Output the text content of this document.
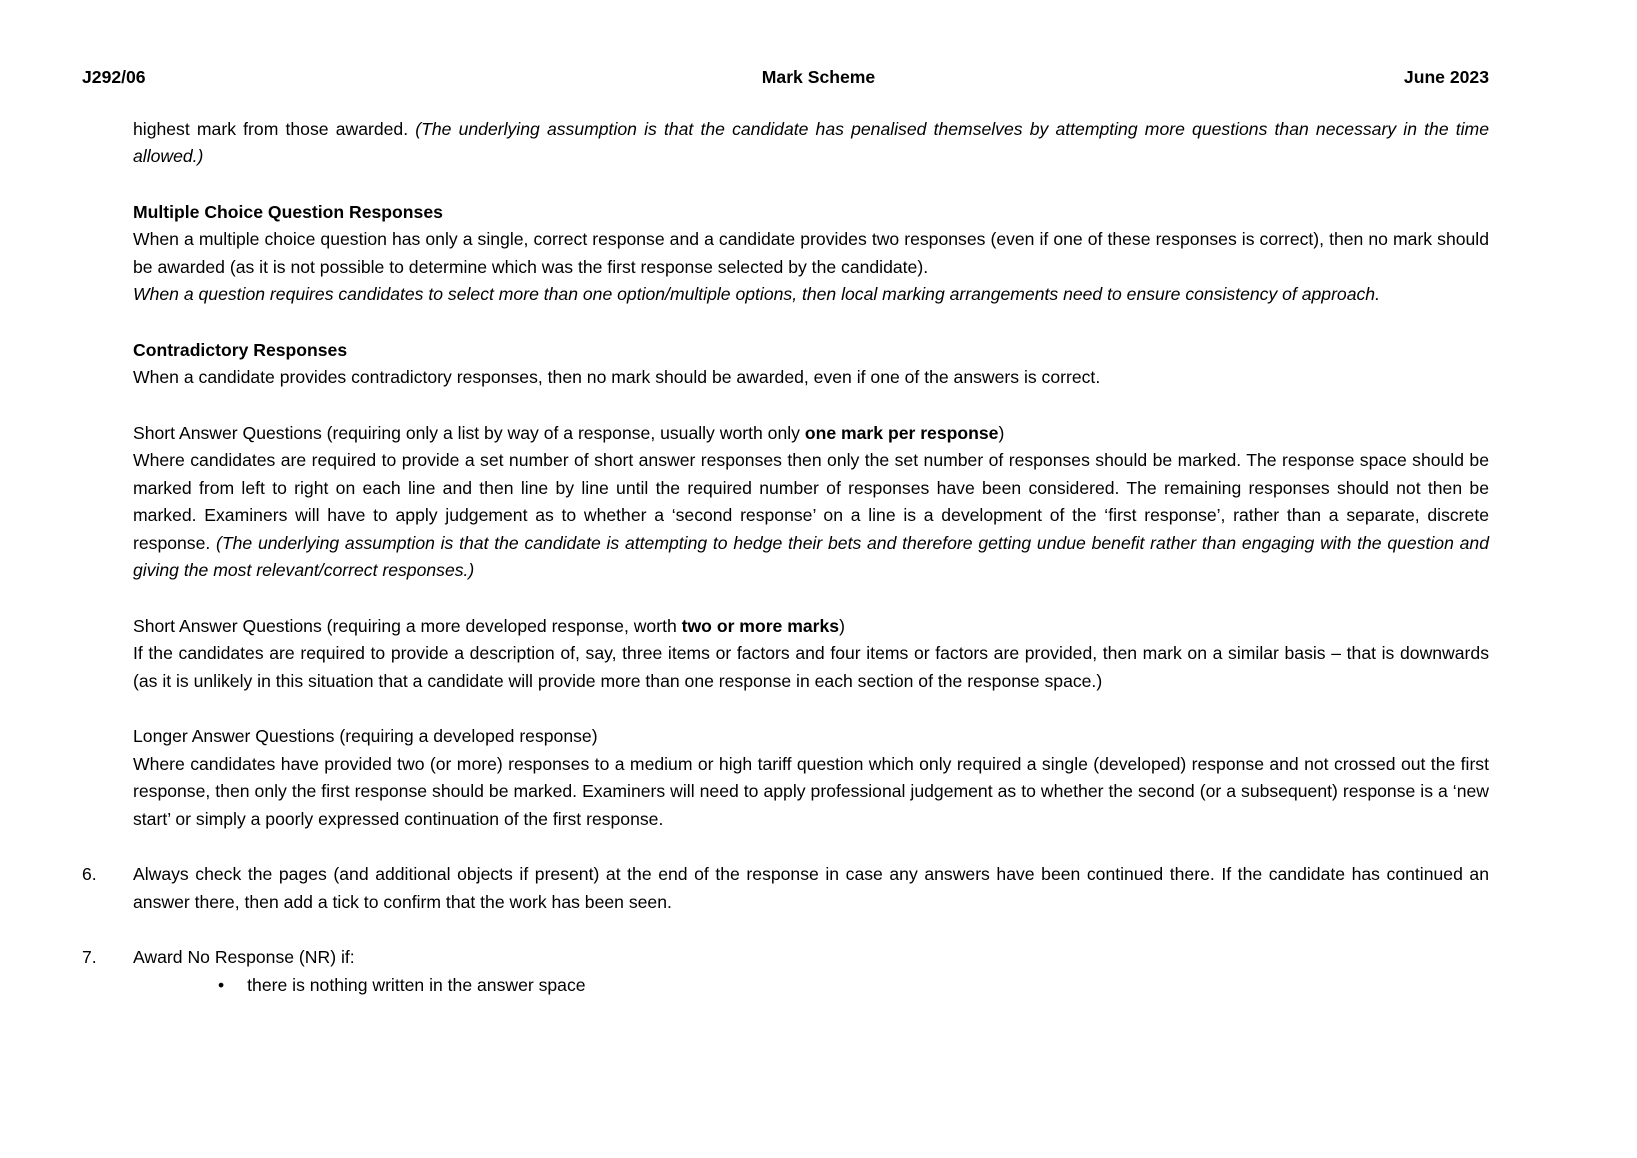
J292/06	Mark Scheme	June 2023

highest mark from those awarded. (The underlying assumption is that the candidate has penalised themselves by attempting more questions than necessary in the time allowed.)

Multiple Choice Question Responses

When a multiple choice question has only a single, correct response and a candidate provides two responses (even if one of these responses is correct), then no mark should be awarded (as it is not possible to determine which was the first response selected by the candidate).

When a question requires candidates to select more than one option/multiple options, then local marking arrangements need to ensure consistency of approach.

Contradictory Responses

When a candidate provides contradictory responses, then no mark should be awarded, even if one of the answers is correct.

Short Answer Questions (requiring only a list by way of a response, usually worth only one mark per response)

Where candidates are required to provide a set number of short answer responses then only the set number of responses should be marked. The response space should be marked from left to right on each line and then line by line until the required number of responses have been considered. The remaining responses should not then be marked. Examiners will have to apply judgement as to whether a ‘second response’ on a line is a development of the ‘first response’, rather than a separate, discrete response. (The underlying assumption is that the candidate is attempting to hedge their bets and therefore getting undue benefit rather than engaging with the question and giving the most relevant/correct responses.)

Short Answer Questions (requiring a more developed response, worth two or more marks)

If the candidates are required to provide a description of, say, three items or factors and four items or factors are provided, then mark on a similar basis – that is downwards (as it is unlikely in this situation that a candidate will provide more than one response in each section of the response space.)

Longer Answer Questions (requiring a developed response)

Where candidates have provided two (or more) responses to a medium or high tariff question which only required a single (developed) response and not crossed out the first response, then only the first response should be marked. Examiners will need to apply professional judgement as to whether the second (or a subsequent) response is a ‘new start’ or simply a poorly expressed continuation of the first response.

6. Always check the pages (and additional objects if present) at the end of the response in case any answers have been continued there. If the candidate has continued an answer there, then add a tick to confirm that the work has been seen.

7. Award No Response (NR) if:

• there is nothing written in the answer space
